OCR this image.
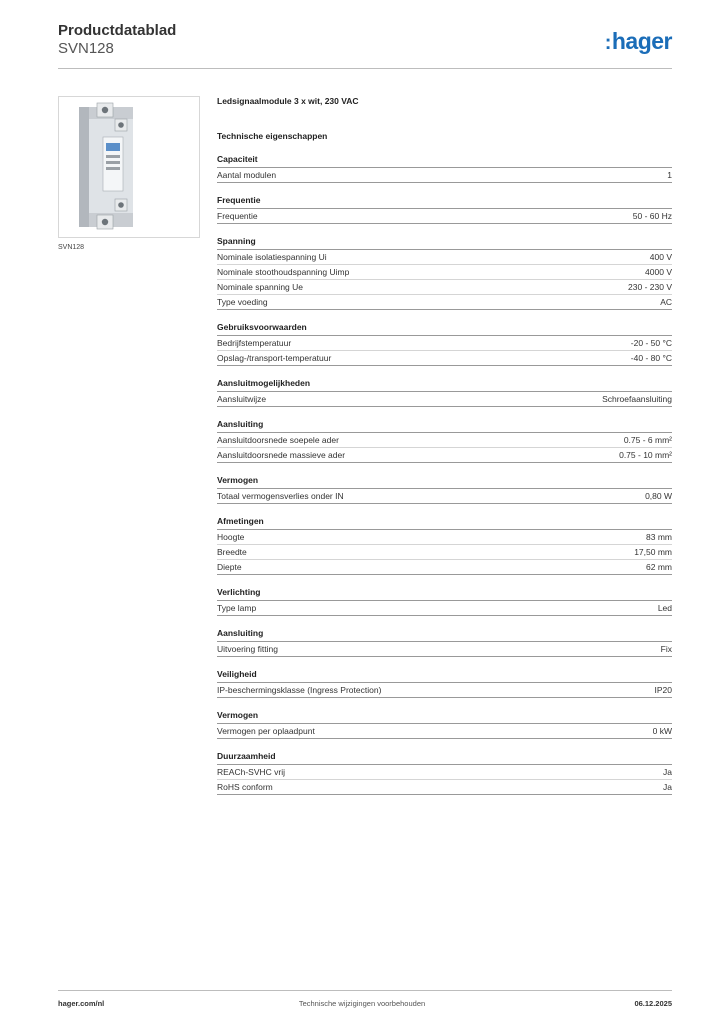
Productdatablad
SVN128	:hager
SVN128
Ledsignaalmodule 3 x wit, 230 VAC
Technische eigenschappen
Capaciteit
Aantal modulen	1
Frequentie
Frequentie	50 - 60 Hz
Spanning
Nominale isolatiespanning Ui	400 V
Nominale stoothoudspanning Uimp	4000 V
Nominale spanning Ue	230 - 230 V
Type voeding	AC
Gebruiksvoorwaarden
Bedrijfstemperatuur	-20 - 50 °C
Opslag-/transport-temperatuur	-40 - 80 °C
Aansluitmogelijkheden
Aansluitwijze	Schroefaansluiting
Aansluiting
Aansluitdoorsnede soepele ader	0.75 - 6 mm²
Aansluitdoorsnede massieve ader	0.75 - 10 mm²
Vermogen
Totaal vermogensverlies onder IN	0,80 W
Afmetingen
Hoogte	83 mm
Breedte	17,50 mm
Diepte	62 mm
Verlichting
Type lamp	Led
Aansluiting
Uitvoering fitting	Fix
Veiligheid
IP-beschermingsklasse (Ingress Protection)	IP20
Vermogen
Vermogen per oplaadpunt	0 kW
Duurzaamheid
REACh-SVHC vrij	Ja
RoHS conform	Ja
hager.com/nl	Technische wijzigingen voorbehouden	06.12.2025
